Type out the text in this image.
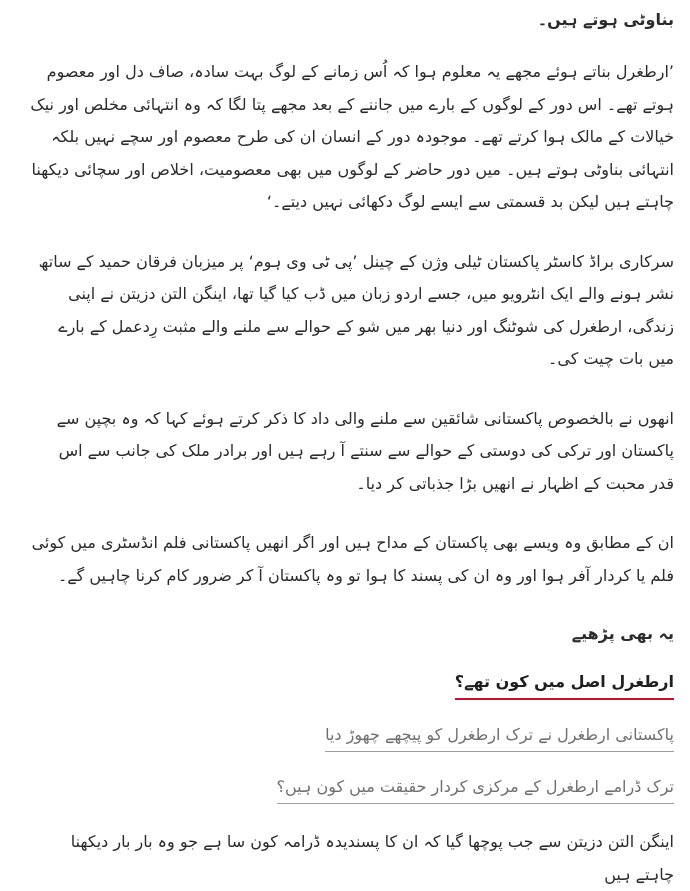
بناوٹی ہوتے ہیں۔

’ارطغرل بناتے ہوئے مجھے یہ معلوم ہوا کہ اُس زمانے کے لوگ بہت سادہ، صاف دل اور معصوم ہوتے تھے۔ اس دور کے لوگوں کے بارے میں جاننے کے بعد مجھے پتا لگا کہ وہ انتہائی مخلص اور نیک خیالات کے مالک ہوا کرتے تھے۔ موجودہ دور کے انسان ان کی طرح معصوم اور سچے نہیں بلکہ انتہائی بناوٹی ہوتے ہیں۔ میں دور حاضر کے لوگوں میں بھی معصومیت، اخلاص اور سچائی دیکھنا چاہتے ہیں لیکن بد قسمتی سے ایسے لوگ دکھائی نہیں دیتے۔‘

سرکاری براڈ کاسٹر پاکستان ٹیلی وژن کے چینل ’پی ٹی وی ہوم‘ پر میزبان فرقان حمید کے ساتھ نشر ہونے والے ایک انٹرویو میں، جسے اردو زبان میں ڈب کیا گیا تھا، اینگن التن دزیتن نے اپنی زندگی، ارطغرل کی شوٹنگ اور دنیا بھر میں شو کے حوالے سے ملنے والے مثبت رِدعمل کے بارے میں بات چیت کی۔

انھوں نے بالخصوص پاکستانی شائقین سے ملنے والی داد کا ذکر کرتے ہوئے کہا کہ وہ بچپن سے پاکستان اور ترکی کی دوستی کے حوالے سے سنتے آ رہے ہیں اور برادر ملک کی جانب سے اس قدر محبت کے اظہار نے انھیں بڑا جذباتی کر دیا۔

ان کے مطابق وہ ویسے بھی پاکستان کے مداح ہیں اور اگر انھیں پاکستانی فلم انڈسٹری میں کوئی فلم یا کردار آفر ہوا اور وہ ان کی پسند کا ہوا تو وہ پاکستان آ کر ضرور کام کرنا چاہیں گے۔

یہ بھی پڑھیے
ارطغرل اصل میں کون تھے؟
پاکستانی ارطغرل نے ترک ارطغرل کو پیچھے چھوڑ دیا
ترک ڈرامے ارطغرل کے مرکزی کردار حقیقت میں کون ہیں؟

اینگن التن دزیتن سے جب پوچھا گیا کہ ان کا پسندیدہ ڈرامہ کون سا ہے جو وہ بار بار دیکھنا چاہتے ہیں
